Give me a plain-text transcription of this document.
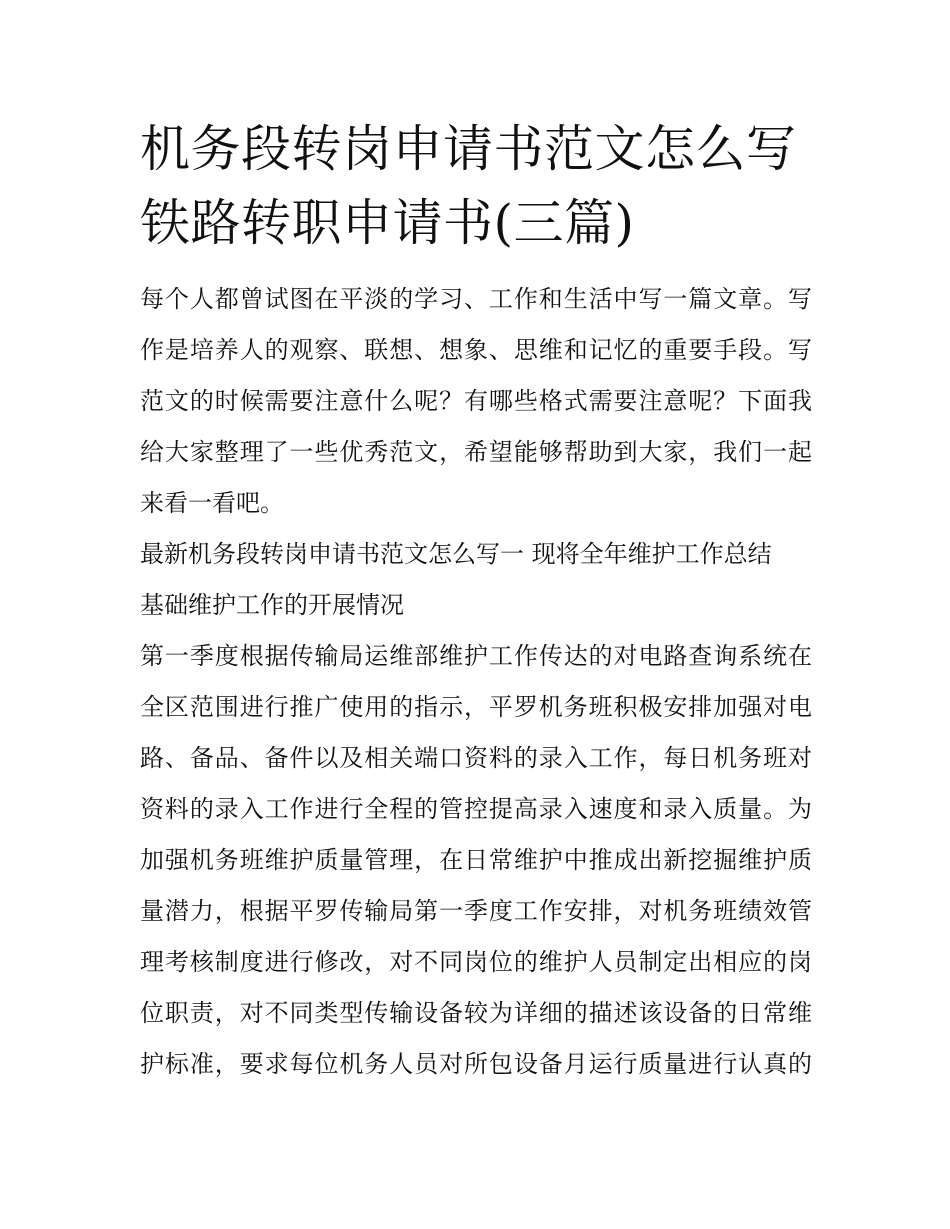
机务段转岗申请书范文怎么写
铁路转职申请书(三篇)

每个人都曾试图在平淡的学习、工作和生活中写一篇文章。写
作是培养人的观察、联想、想象、思维和记忆的重要手段。写
范文的时候需要注意什么呢？有哪些格式需要注意呢？下面我
给大家整理了一些优秀范文，希望能够帮助到大家，我们一起
来看一看吧。

最新机务段转岗申请书范文怎么写一 现将全年维护工作总结

基础维护工作的开展情况

第一季度根据传输局运维部维护工作传达的对电路查询系统在
全区范围进行推广使用的指示，平罗机务班积极安排加强对电
路、备品、备件以及相关端口资料的录入工作，每日机务班对
资料的录入工作进行全程的管控提高录入速度和录入质量。为
加强机务班维护质量管理，在日常维护中推成出新挖掘维护质
量潜力，根据平罗传输局第一季度工作安排，对机务班绩效管
理考核制度进行修改，对不同岗位的维护人员制定出相应的岗
位职责，对不同类型传输设备较为详细的描述该设备的日常维
护标准，要求每位机务人员对所包设备月运行质量进行认真的
